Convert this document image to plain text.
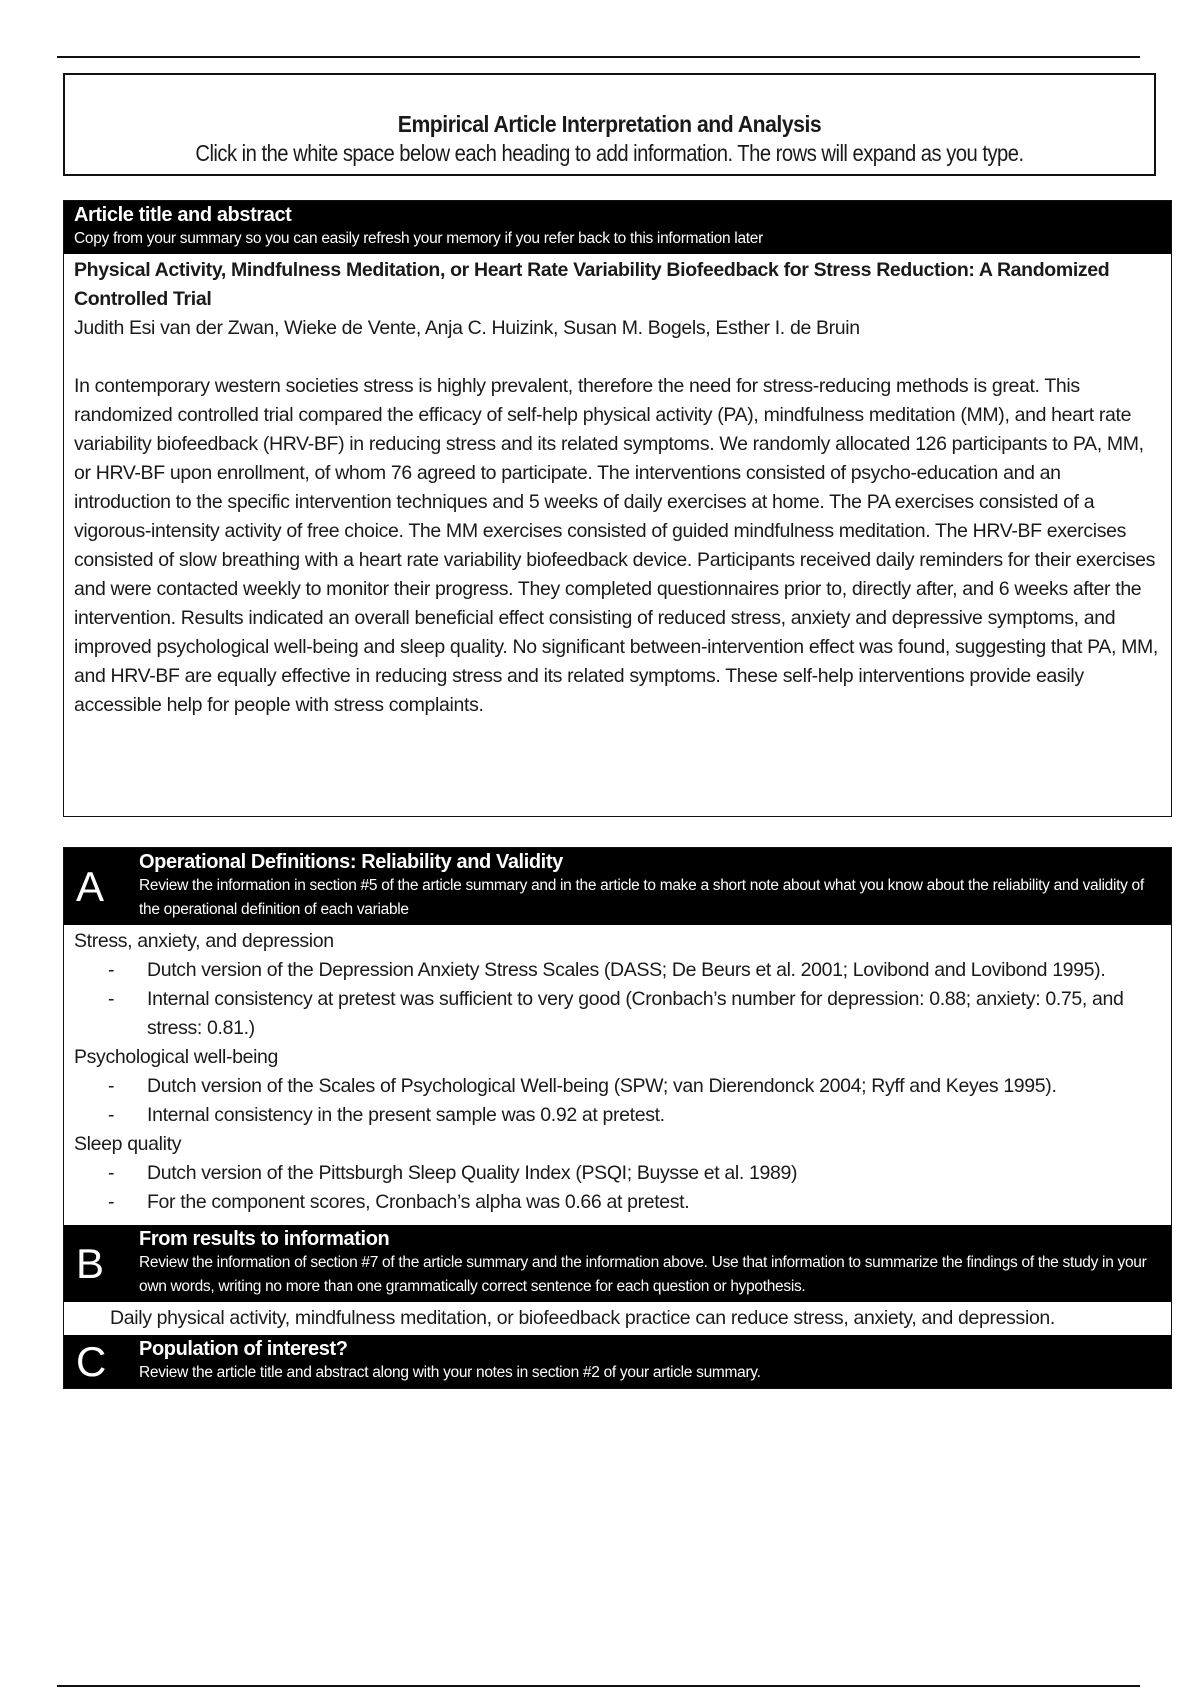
Empirical Article Interpretation and Analysis
Click in the white space below each heading to add information. The rows will expand as you type.
Article title and abstract
Copy from your summary so you can easily refresh your memory if you refer back to this information later

Physical Activity, Mindfulness Meditation, or Heart Rate Variability Biofeedback for Stress Reduction: A Randomized Controlled Trial

Judith Esi van der Zwan, Wieke de Vente, Anja C. Huizink, Susan M. Bogels, Esther I. de Bruin

In contemporary western societies stress is highly prevalent, therefore the need for stress-reducing methods is great. This randomized controlled trial compared the efficacy of self-help physical activity (PA), mindfulness meditation (MM), and heart rate variability biofeedback (HRV-BF) in reducing stress and its related symptoms. We randomly allocated 126 participants to PA, MM, or HRV-BF upon enrollment, of whom 76 agreed to participate. The interventions consisted of psycho-education and an introduction to the specific intervention techniques and 5 weeks of daily exercises at home. The PA exercises consisted of a vigorous-intensity activity of free choice. The MM exercises consisted of guided mindfulness meditation. The HRV-BF exercises consisted of slow breathing with a heart rate variability biofeedback device. Participants received daily reminders for their exercises and were contacted weekly to monitor their progress. They completed questionnaires prior to, directly after, and 6 weeks after the intervention. Results indicated an overall beneficial effect consisting of reduced stress, anxiety and depressive symptoms, and improved psychological well-being and sleep quality. No significant between-intervention effect was found, suggesting that PA, MM, and HRV-BF are equally effective in reducing stress and its related symptoms. These self-help interventions provide easily accessible help for people with stress complaints.

A
Operational Definitions: Reliability and Validity
Review the information in section #5 of the article summary and in the article to make a short note about what you know about the reliability and validity of the operational definition of each variable

Stress, anxiety, and depression

-	Dutch version of the Depression Anxiety Stress Scales (DASS; De Beurs et al. 2001; Lovibond and Lovibond 1995).
-	Internal consistency at pretest was sufficient to very good (Cronbach’s number for depression: 0.88; anxiety: 0.75, and stress: 0.81.)

Psychological well-being

-	Dutch version of the Scales of Psychological Well-being (SPW; van Dierendonck 2004; Ryff and Keyes 1995).
-	Internal consistency in the present sample was 0.92 at pretest.

Sleep quality

-	Dutch version of the Pittsburgh Sleep Quality Index (PSQI; Buysse et al. 1989)
-	For the component scores, Cronbach’s alpha was 0.66 at pretest.
B
From results to information
Review the information of section #7 of the article summary and the information above. Use that information to summarize the findings of the study in your own words, writing no more than one grammatically correct sentence for each question or hypothesis.

Daily physical activity, mindfulness meditation, or biofeedback practice can reduce stress, anxiety, and depression.

C Population of interest?
Review the article title and abstract along with your notes in section #2 of your article summary.
